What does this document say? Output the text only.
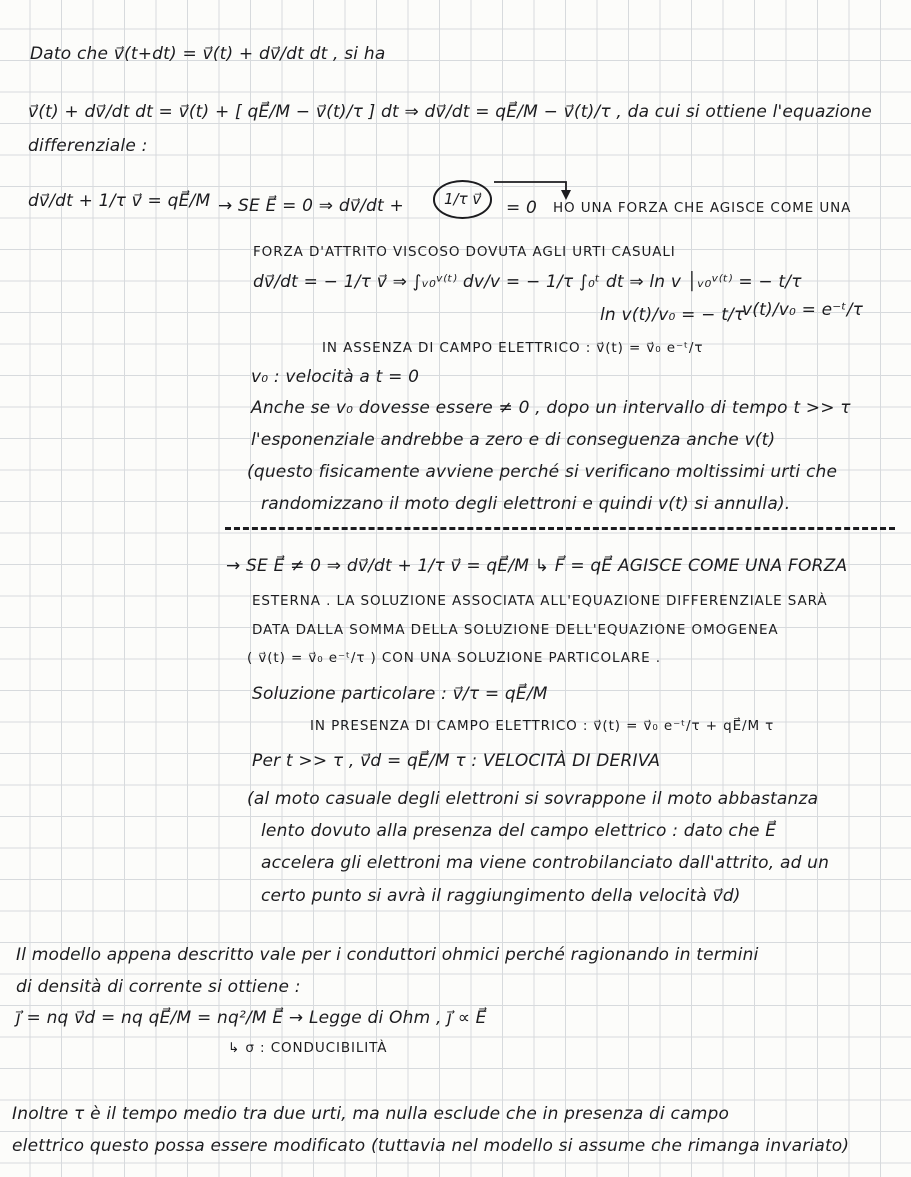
Dato che v⃗(t+dt) = v⃗(t) + dv⃗/dt dt , si ha
v⃗(t) + dv⃗/dt dt = v⃗(t) + [ qE⃗/M − v⃗(t)/τ ] dt ⇒ dv⃗/dt = qE⃗/M − v⃗(t)/τ , da cui si ottiene l'equazione
differenziale :
dv⃗/dt + 1/τ v⃗ = qE⃗/M → SE E⃗ = 0 ⇒ dv⃗/dt +	1/τ v⃗	= 0 HO UNA FORZA CHE AGISCE COME UNA
FORZA D'ATTRITO VISCOSO DOVUTA AGLI URTI CASUALI
dv⃗/dt = − 1/τ v⃗ ⇒ ∫ᵥ₀ᵛ⁽ᵗ⁾ dv/v = − 1/τ ∫₀ᵗ dt ⇒ ln v │ᵥ₀ᵛ⁽ᵗ⁾ = − t/τ
ln v(t)/v₀ = − t/τ
v(t)/v₀ = e⁻ᵗ/τ
IN ASSENZA DI CAMPO ELETTRICO : v⃗(t) = v⃗₀ e⁻ᵗ/τ
v₀ : velocità a t = 0
Anche se v₀ dovesse essere ≠ 0 , dopo un intervallo di tempo t >> τ
l'esponenziale andrebbe a zero e di conseguenza anche v(t)
(questo fisicamente avviene perché si verificano moltissimi urti che
randomizzano il moto degli elettroni e quindi v(t) si annulla).
→ SE E⃗ ≠ 0 ⇒ dv⃗/dt + 1/τ v⃗ = qE⃗/M ↳ F⃗ = qE⃗ AGISCE COME UNA FORZA
ESTERNA . LA SOLUZIONE ASSOCIATA ALL'EQUAZIONE DIFFERENZIALE SARÀ
DATA DALLA SOMMA DELLA SOLUZIONE DELL'EQUAZIONE OMOGENEA
( v⃗(t) = v⃗₀ e⁻ᵗ/τ ) CON UNA SOLUZIONE PARTICOLARE .
Soluzione particolare : v⃗/τ = qE⃗/M
IN PRESENZA DI CAMPO ELETTRICO : v⃗(t) = v⃗₀ e⁻ᵗ/τ + qE⃗/M τ
Per t >> τ , v⃗d = qE⃗/M τ : VELOCITÀ DI DERIVA
(al moto casuale degli elettroni si sovrappone il moto abbastanza
lento dovuto alla presenza del campo elettrico : dato che E⃗
accelera gli elettroni ma viene controbilanciato dall'attrito, ad un
certo punto si avrà il raggiungimento della velocità v⃗d)
Il modello appena descritto vale per i conduttori ohmici perché ragionando in termini
di densità di corrente si ottiene :
j⃗ = nq v⃗d = nq qE⃗/M = nq²/M E⃗ → Legge di Ohm , j⃗ ∝ E⃗
↳ σ : CONDUCIBILITÀ
Inoltre τ è il tempo medio tra due urti, ma nulla esclude che in presenza di campo
elettrico questo possa essere modificato (tuttavia nel modello si assume che rimanga invariato)
